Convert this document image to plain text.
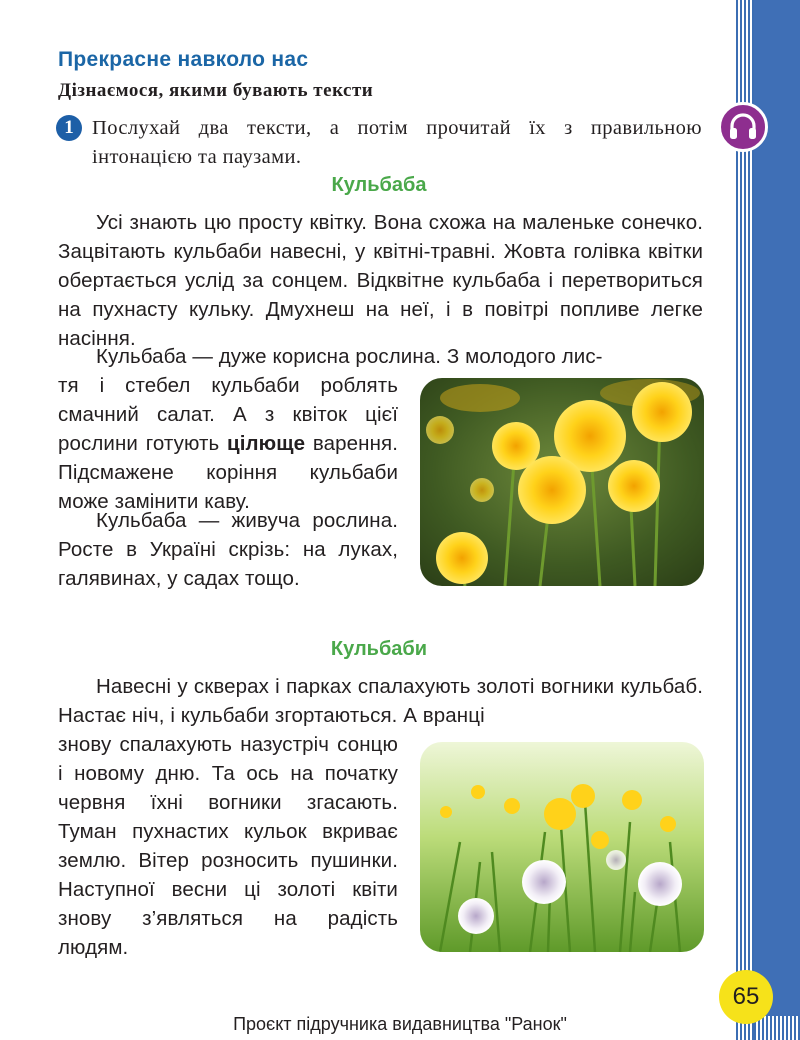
Прекрасне навколо нас
Дізнаємося, якими бувають тексти
1 Послухай два тексти, а потім прочитай їх з правильною інтонацією та паузами.

Кульбаба

Усі знають цю просту квітку. Вона схожа на маленьке сонечко. Зацвітають кульбаби навесні, у квітні-травні. Жовта голівка квітки обертається услід за сонцем. Відквітне кульбаба і перетвориться на пухнасту кульку. Дмухнеш на неї, і в повітрі попливе легке насіння.

Кульбаба — дуже корисна рослина. З молодого лис-

тя і стебел кульбаби роблять смачний салат. А з квіток цієї рослини готують цілюще варення. Підсмажене коріння кульбаби може замінити каву.

Кульбаба — живуча рослина. Росте в Україні скрізь: на луках, галявинах, у садах тощо.

Кульбаби

Навесні у скверах і парках спалахують золоті вогники кульбаб. Настає ніч, і кульбаби згортаються. А вранці

знову спалахують назустріч сонцю і новому дню. Та ось на початку червня їхні вогники згасають. Туман пухнастих кульок вкриває землю. Вітер розносить пушинки. Наступної весни ці золоті квіти знову з’являться на радість людям.

65
Проєкт підручника видавництва "Ранок"
